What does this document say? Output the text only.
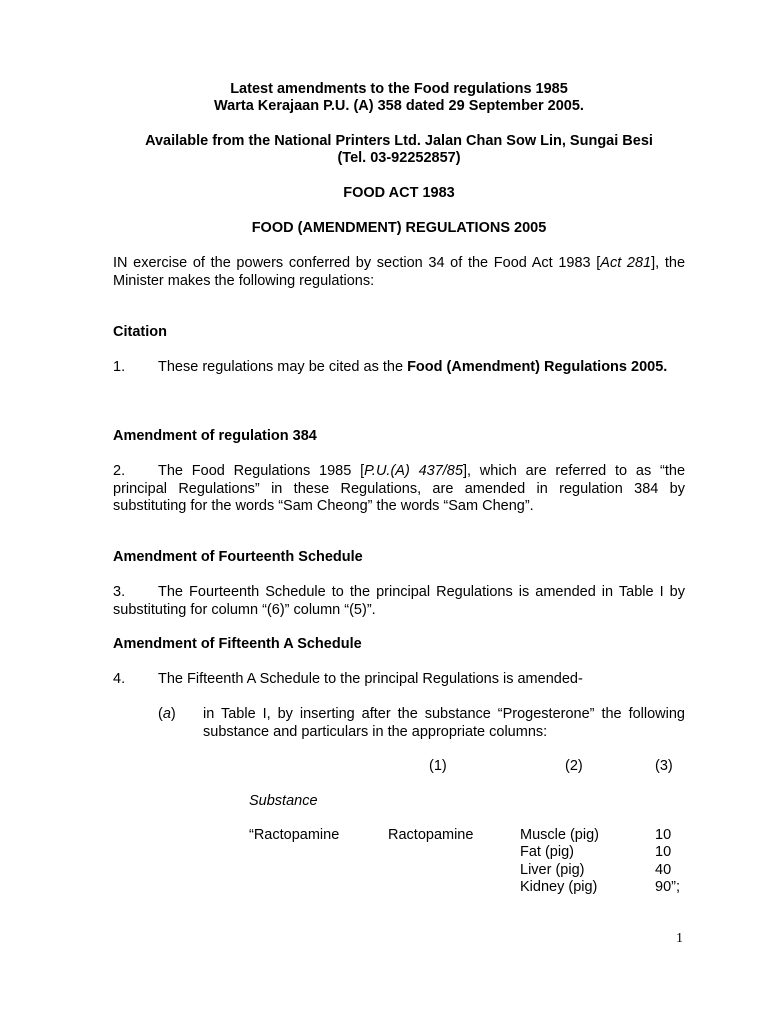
Latest amendments to the Food regulations 1985
Warta Kerajaan P.U. (A) 358 dated 29 September 2005.
Available from the National Printers Ltd. Jalan Chan Sow Lin, Sungai Besi
(Tel. 03-92252857)
FOOD ACT 1983
FOOD (AMENDMENT) REGULATIONS 2005
IN exercise of the powers conferred by section 34 of the Food Act 1983 [Act 281], the Minister makes the following regulations:
Citation
1. These regulations may be cited as the Food (Amendment) Regulations 2005.
Amendment of regulation 384
2. The Food Regulations 1985 [P.U.(A) 437/85], which are referred to as “the principal Regulations” in these Regulations, are amended in regulation 384 by substituting for the words “Sam Cheong” the words “Sam Cheng”.
Amendment of Fourteenth Schedule
3. The Fourteenth Schedule to the principal Regulations is amended in Table I by substituting for column “(6)” column “(5)”.
Amendment of Fifteenth A Schedule
4. The Fifteenth A Schedule to the principal Regulations is amended-
(a) in Table I, by inserting after the substance “Progesterone” the following substance and particulars in the appropriate columns:
(1)	(2)	(3)
Substance
“Ractopamine	Ractopamine	Muscle (pig)	10
Fat (pig)	10
Liver (pig)	40
Kidney (pig)	90”;
1
